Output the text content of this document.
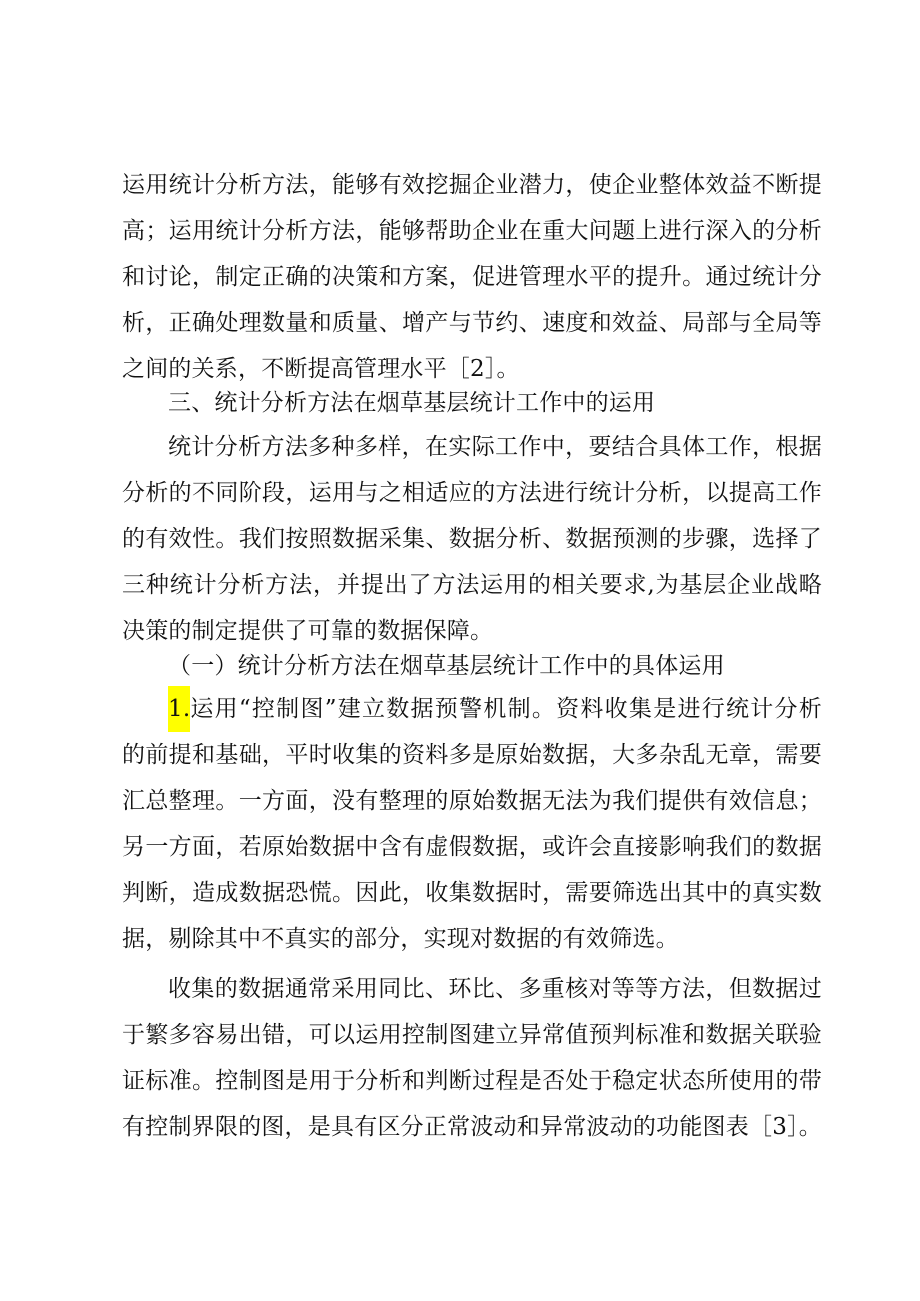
运用统计分析方法，能够有效挖掘企业潜力，使企业整体效益不断提
高；运用统计分析方法，能够帮助企业在重大问题上进行深入的分析
和讨论，制定正确的决策和方案，促进管理水平的提升。通过统计分
析，正确处理数量和质量、增产与节约、速度和效益、局部与全局等
之间的关系，不断提高管理水平［2］。
三、统计分析方法在烟草基层统计工作中的运用
统计分析方法多种多样，在实际工作中，要结合具体工作，根据
分析的不同阶段，运用与之相适应的方法进行统计分析，以提高工作
的有效性。我们按照数据采集、数据分析、数据预测的步骤，选择了
三种统计分析方法，并提出了方法运用的相关要求,为基层企业战略
决策的制定提供了可靠的数据保障。
（一）统计分析方法在烟草基层统计工作中的具体运用
1. 运用“控制图”建立数据预警机制。资料收集是进行统计分析
的前提和基础，平时收集的资料多是原始数据，大多杂乱无章，需要
汇总整理。一方面，没有整理的原始数据无法为我们提供有效信息；
另一方面，若原始数据中含有虚假数据，或许会直接影响我们的数据
判断，造成数据恐慌。因此，收集数据时，需要筛选出其中的真实数
据，剔除其中不真实的部分，实现对数据的有效筛选。
收集的数据通常采用同比、环比、多重核对等等方法，但数据过
于繁多容易出错，可以运用控制图建立异常值预判标准和数据关联验
证标准。控制图是用于分析和判断过程是否处于稳定状态所使用的带
有控制界限的图，是具有区分正常波动和异常波动的功能图表［3］。
